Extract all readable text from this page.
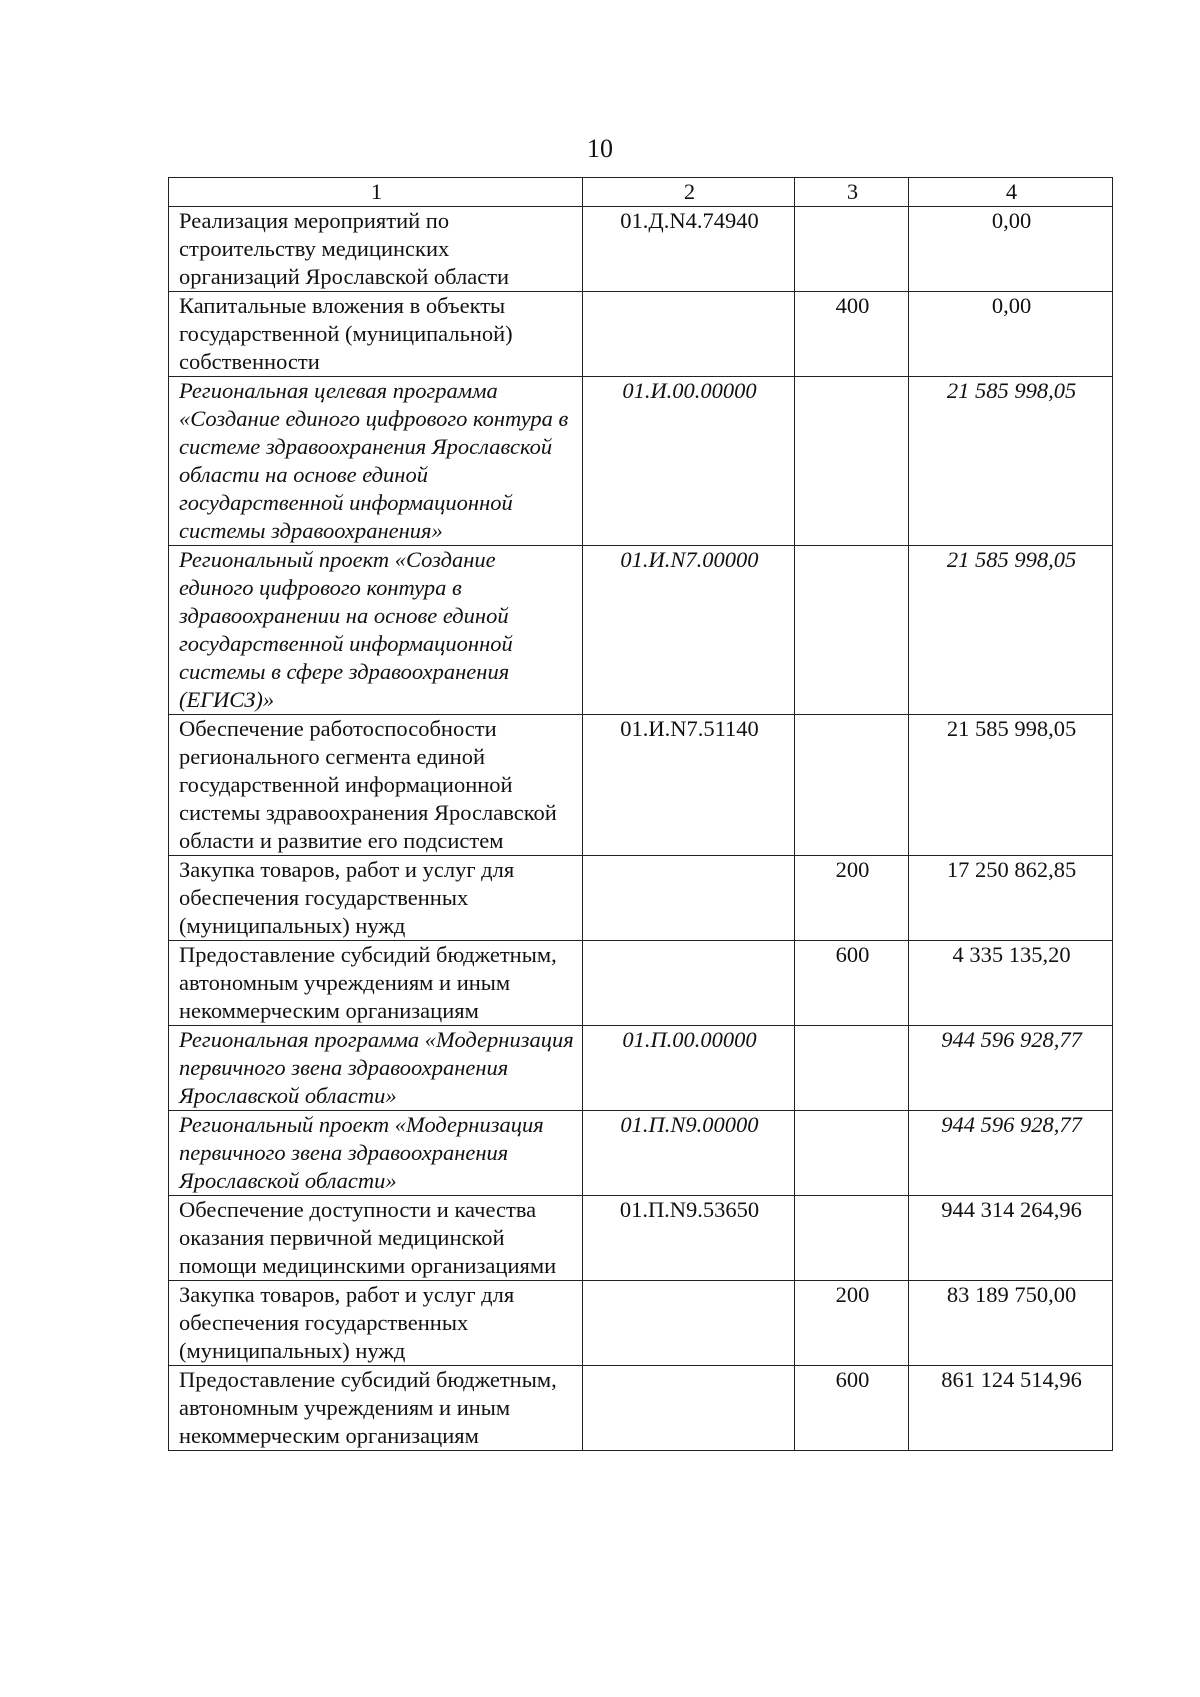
10
1	2	3	4
Реализация мероприятий по строительству медицинских организаций Ярославской области	01.Д.N4.74940		0,00
Капитальные вложения в объекты государственной (муниципальной) собственности		400	0,00
Региональная целевая программа «Создание единого цифрового контура в системе здравоохранения Ярославской области на основе единой государственной информационной системы здравоохранения»	01.И.00.00000		21 585 998,05
Региональный проект «Создание единого цифрового контура в здравоохранении на основе единой государственной информационной системы в сфере здравоохранения (ЕГИСЗ)»	01.И.N7.00000		21 585 998,05
Обеспечение работоспособности регионального сегмента единой государственной информационной системы здравоохранения Ярославской области и развитие его подсистем	01.И.N7.51140		21 585 998,05
Закупка товаров, работ и услуг для обеспечения государственных (муниципальных) нужд		200	17 250 862,85
Предоставление субсидий бюджетным, автономным учреждениям и иным некоммерческим организациям		600	4 335 135,20
Региональная программа «Модернизация первичного звена здравоохранения Ярославской области»	01.П.00.00000		944 596 928,77
Региональный проект «Модернизация первичного звена здравоохранения Ярославской области»	01.П.N9.00000		944 596 928,77
Обеспечение доступности и качества оказания первичной медицинской помощи медицинскими организациями	01.П.N9.53650		944 314 264,96
Закупка товаров, работ и услуг для обеспечения государственных (муниципальных) нужд		200	83 189 750,00
Предоставление субсидий бюджетным, автономным учреждениям и иным некоммерческим организациям		600	861 124 514,96
